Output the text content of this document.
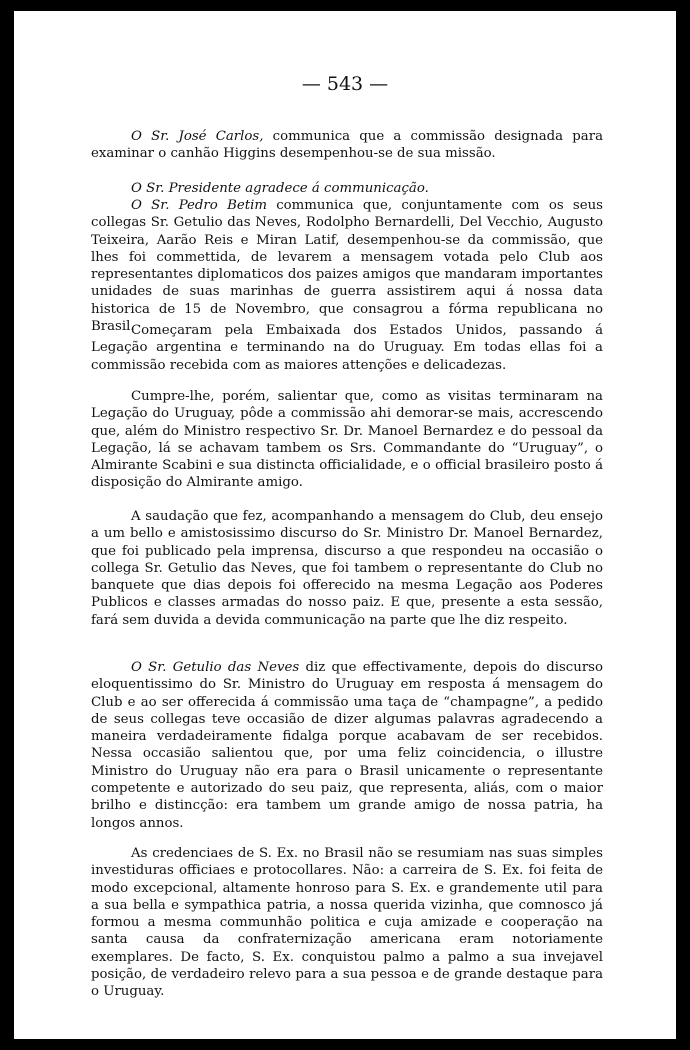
— 543 —

O Sr. José Carlos, communica que a commissão designada para examinar o canhão Higgins desempenhou-se de sua missão.

O Sr. Presidente agradece á communicação.

O Sr. Pedro Betim communica que, conjuntamente com os seus collegas Sr. Getulio das Neves, Rodolpho Bernardelli, Del Vecchio, Augusto Teixeira, Aarão Reis e Miran Latif, desempenhou-se da commissão, que lhes foi commettida, de levarem a mensagem votada pelo Club aos representantes diplomaticos dos paizes amigos que mandaram importantes unidades de suas marinhas de guerra assistirem aqui á nossa data historica de 15 de Novembro, que consagrou a fórma republicana no Brasil.

Começaram pela Embaixada dos Estados Unidos, passando á Legação argentina e terminando na do Uruguay. Em todas ellas foi a commissão recebida com as maiores attenções e delicadezas.

Cumpre-lhe, porém, salientar que, como as visitas terminaram na Legação do Uruguay, pôde a commissão ahi demorar-se mais, accrescendo que, além do Ministro respectivo Sr. Dr. Manoel Bernardez e do pessoal da Legação, lá se achavam tambem os Srs. Commandante do “Uruguay”, o Almirante Scabini e sua distincta officialidade, e o official brasileiro posto á disposição do Almirante amigo.

A saudação que fez, acompanhando a mensagem do Club, deu ensejo a um bello e amistosissimo discurso do Sr. Ministro Dr. Manoel Bernardez, que foi publicado pela imprensa, discurso a que respondeu na occasião o collega Sr. Getulio das Neves, que foi tambem o representante do Club no banquete que dias depois foi offerecido na mesma Legação aos Poderes Publicos e classes armadas do nosso paiz. E que, presente a esta sessão, fará sem duvida a devida communicação na parte que lhe diz respeito.

O Sr. Getulio das Neves diz que effectivamente, depois do discurso eloquentissimo do Sr. Ministro do Uruguay em resposta á mensagem do Club e ao ser offerecida á commissão uma taça de “champagne”, a pedido de seus collegas teve occasião de dizer algumas palavras agradecendo a maneira verdadeiramente fidalga porque acabavam de ser recebidos. Nessa occasião salientou que, por uma feliz coincidencia, o illustre Ministro do Uruguay não era para o Brasil unicamente o representante competente e autorizado do seu paiz, que representa, aliás, com o maior brilho e distincção: era tambem um grande amigo de nossa patria, ha longos annos.

As credenciaes de S. Ex. no Brasil não se resumiam nas suas simples investiduras officiaes e protocollares. Não: a carreira de S. Ex. foi feita de modo excepcional, altamente honroso para S. Ex. e grandemente util para a sua bella e sympathica patria, a nossa querida vizinha, que comnosco já formou a mesma communhão politica e cuja amizade e cooperação na santa causa da confraternização americana eram notoriamente exemplares. De facto, S. Ex. conquistou palmo a palmo a sua invejavel posição, de verdadeiro relevo para a sua pessoa e de grande destaque para o Uruguay.
